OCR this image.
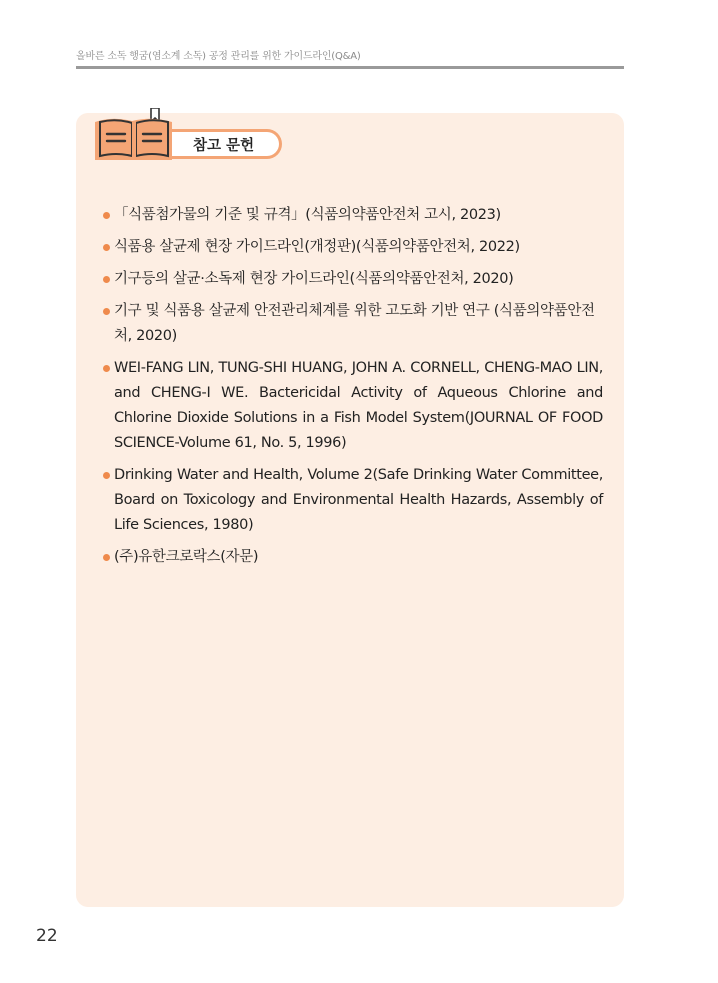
올바른 소독 행굼(염소계 소독) 공정 관리를 위한 가이드라인(Q&A)
참고 문헌
「식품첨가물의 기준 및 규격」(식품의약품안전처 고시, 2023)
식품용 살균제 현장 가이드라인(개정판)(식품의약품안전처, 2022)
기구등의 살균·소독제 현장 가이드라인(식품의약품안전처, 2020)
기구 및 식품용 살균제 안전관리체계를 위한 고도화 기반 연구 (식품의약품안전처, 2020)
WEI-FANG LIN, TUNG-SHI HUANG, JOHN A. CORNELL, CHENG-MAO LIN, and CHENG-I WE. Bactericidal Activity of Aqueous Chlorine and Chlorine Dioxide Solutions in a Fish Model System(JOURNAL OF FOOD SCIENCE-Volume 61, No. 5, 1996)
Drinking Water and Health, Volume 2(Safe Drinking Water Committee, Board on Toxicology and Environmental Health Hazards, Assembly of Life Sciences, 1980)
(주)유한크로락스(자문)
22
